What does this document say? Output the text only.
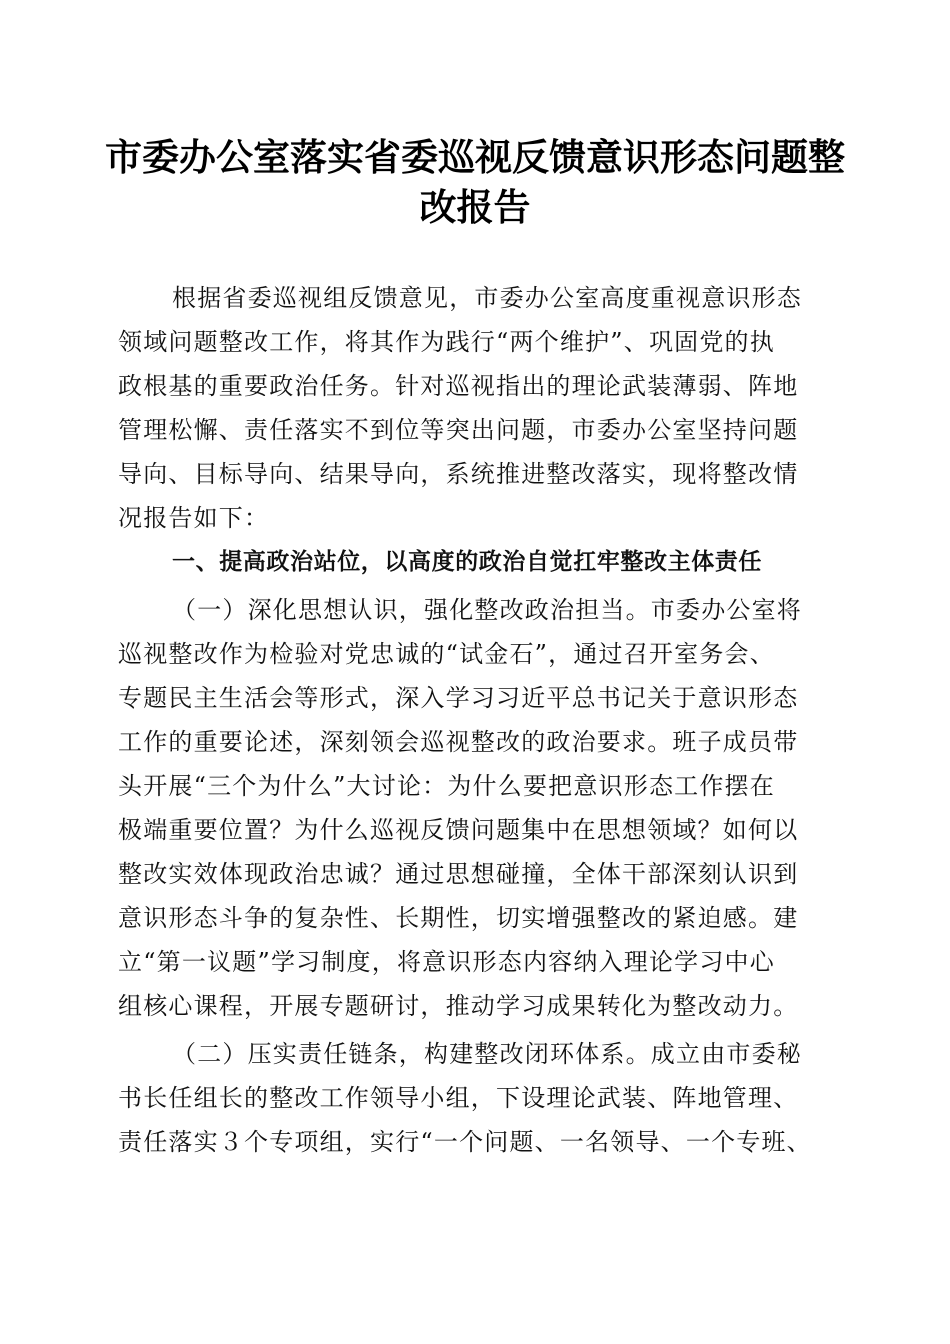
市委办公室落实省委巡视反馈意识形态问题整
改报告
根据省委巡视组反馈意见，市委办公室高度重视意识形态
领域问题整改工作，将其作为践行“两个维护”、巩固党的执
政根基的重要政治任务。针对巡视指出的理论武装薄弱、阵地
管理松懈、责任落实不到位等突出问题，市委办公室坚持问题
导向、目标导向、结果导向，系统推进整改落实，现将整改情
况报告如下：
一、提高政治站位，以高度的政治自觉扛牢整改主体责任
（一）深化思想认识，强化整改政治担当。市委办公室将
巡视整改作为检验对党忠诚的“试金石”，通过召开室务会、
专题民主生活会等形式，深入学习习近平总书记关于意识形态
工作的重要论述，深刻领会巡视整改的政治要求。班子成员带
头开展“三个为什么”大讨论：为什么要把意识形态工作摆在
极端重要位置？为什么巡视反馈问题集中在思想领域？如何以
整改实效体现政治忠诚？通过思想碰撞，全体干部深刻认识到
意识形态斗争的复杂性、长期性，切实增强整改的紧迫感。建
立“第一议题”学习制度，将意识形态内容纳入理论学习中心
组核心课程，开展专题研讨，推动学习成果转化为整改动力。
（二）压实责任链条，构建整改闭环体系。成立由市委秘
书长任组长的整改工作领导小组，下设理论武装、阵地管理、
责任落实３个专项组，实行“一个问题、一名领导、一个专班、
